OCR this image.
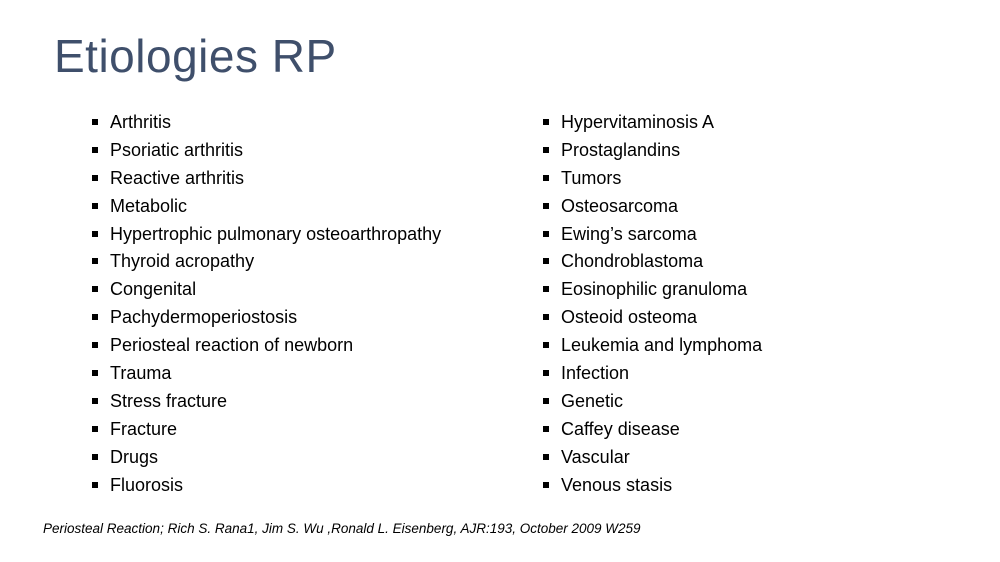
Etiologies RP
Arthritis
Psoriatic arthritis
Reactive arthritis
Metabolic
Hypertrophic pulmonary osteoarthropathy
Thyroid acropathy
Congenital
Pachydermoperiostosis
Periosteal reaction of newborn
Trauma
Stress fracture
Fracture
Drugs
Fluorosis
Hypervitaminosis A
Prostaglandins
Tumors
Osteosarcoma
Ewing’s sarcoma
Chondroblastoma
Eosinophilic granuloma
Osteoid osteoma
Leukemia and lymphoma
Infection
Genetic
Caffey disease
Vascular
Venous stasis

Periosteal Reaction; Rich S. Rana1, Jim S. Wu ,Ronald L. Eisenberg, AJR:193, October 2009 W259
